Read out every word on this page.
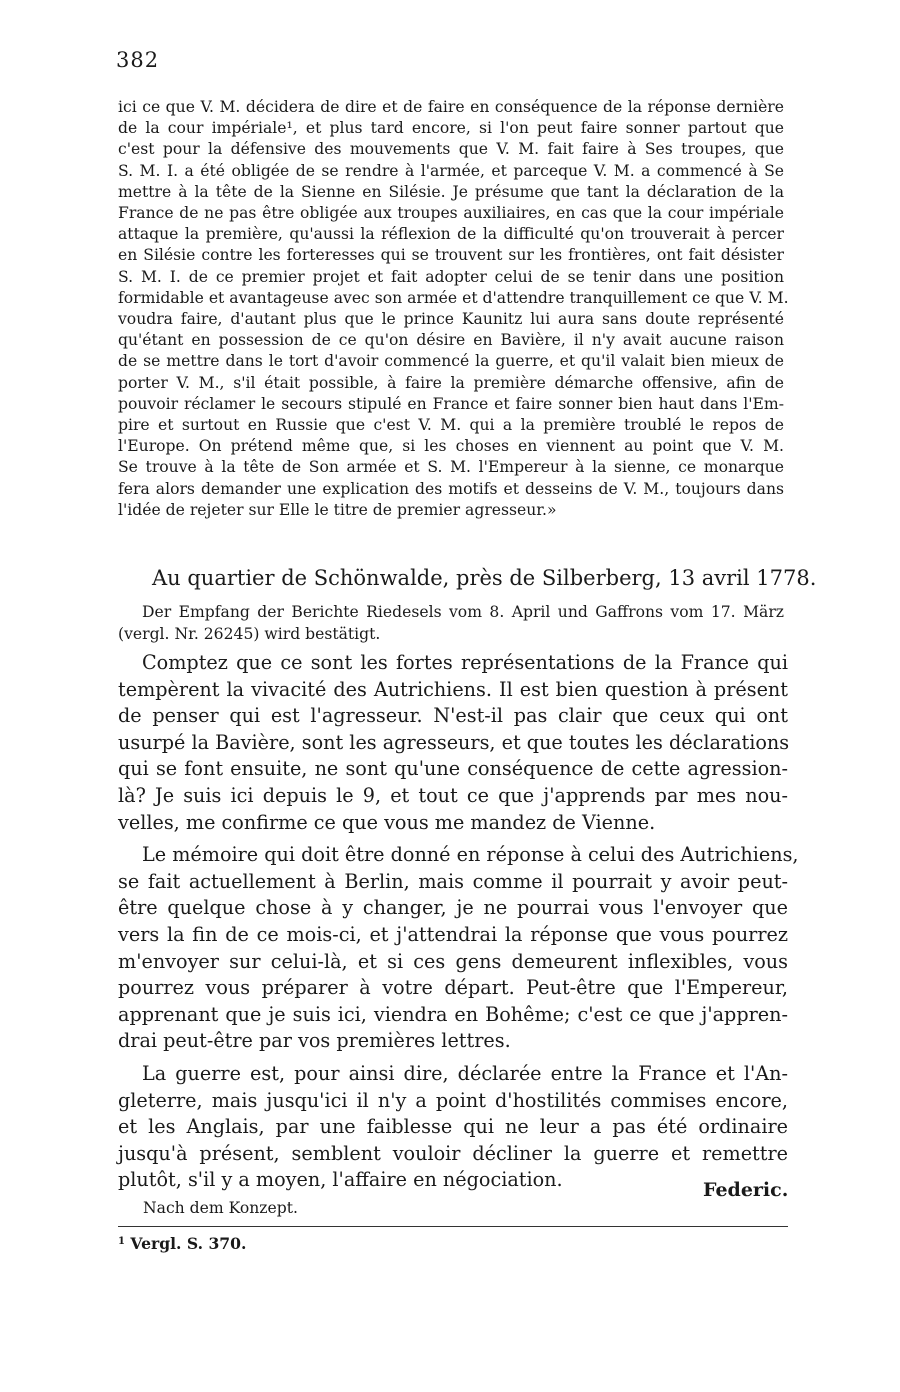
382
ici ce que V. M. décidera de dire et de faire en conséquence de la réponse dernière
de la cour impériale¹, et plus tard encore, si l'on peut faire sonner partout que
c'est pour la défensive des mouvements que V. M. fait faire à Ses troupes, que
S. M. I. a été obligée de se rendre à l'armée, et parceque V. M. a commencé à Se
mettre à la tête de la Sienne en Silésie. Je présume que tant la déclaration de la
France de ne pas être obligée aux troupes auxiliaires, en cas que la cour impériale
attaque la première, qu'aussi la réflexion de la difficulté qu'on trouverait à percer
en Silésie contre les forteresses qui se trouvent sur les frontières, ont fait désister
S. M. I. de ce premier projet et fait adopter celui de se tenir dans une position
formidable et avantageuse avec son armée et d'attendre tranquillement ce que V. M.
voudra faire, d'autant plus que le prince Kaunitz lui aura sans doute représenté
qu'étant en possession de ce qu'on désire en Bavière, il n'y avait aucune raison
de se mettre dans le tort d'avoir commencé la guerre, et qu'il valait bien mieux de
porter V. M., s'il était possible, à faire la première démarche offensive, afin de
pouvoir réclamer le secours stipulé en France et faire sonner bien haut dans l'Em-
pire et surtout en Russie que c'est V. M. qui a la première troublé le repos de
l'Europe. On prétend même que, si les choses en viennent au point que V. M.
Se trouve à la tête de Son armée et S. M. l'Empereur à la sienne, ce monarque
fera alors demander une explication des motifs et desseins de V. M., toujours dans
l'idée de rejeter sur Elle le titre de premier agresseur.»
Au quartier de Schönwalde, près de Silberberg, 13 avril 1778.
Der Empfang der Berichte Riedesels vom 8. April und Gaffrons vom 17. März
(vergl. Nr. 26245) wird bestätigt.
Comptez que ce sont les fortes représentations de la France qui
tempèrent la vivacité des Autrichiens. Il est bien question à présent
de penser qui est l'agresseur. N'est-il pas clair que ceux qui ont
usurpé la Bavière, sont les agresseurs, et que toutes les déclarations
qui se font ensuite, ne sont qu'une conséquence de cette agression-
là? Je suis ici depuis le 9, et tout ce que j'apprends par mes nou-
velles, me confirme ce que vous me mandez de Vienne.
Le mémoire qui doit être donné en réponse à celui des Autrichiens,
se fait actuellement à Berlin, mais comme il pourrait y avoir peut-
être quelque chose à y changer, je ne pourrai vous l'envoyer que
vers la fin de ce mois-ci, et j'attendrai la réponse que vous pourrez
m'envoyer sur celui-là, et si ces gens demeurent inflexibles, vous
pourrez vous préparer à votre départ. Peut-être que l'Empereur,
apprenant que je suis ici, viendra en Bohême; c'est ce que j'appren-
drai peut-être par vos premières lettres.
La guerre est, pour ainsi dire, déclarée entre la France et l'An-
gleterre, mais jusqu'ici il n'y a point d'hostilités commises encore,
et les Anglais, par une faiblesse qui ne leur a pas été ordinaire
jusqu'à présent, semblent vouloir décliner la guerre et remettre
plutôt, s'il y a moyen, l'affaire en négociation.	Federic.
Nach dem Konzept.
$^1$ Vergl. S. 370.
